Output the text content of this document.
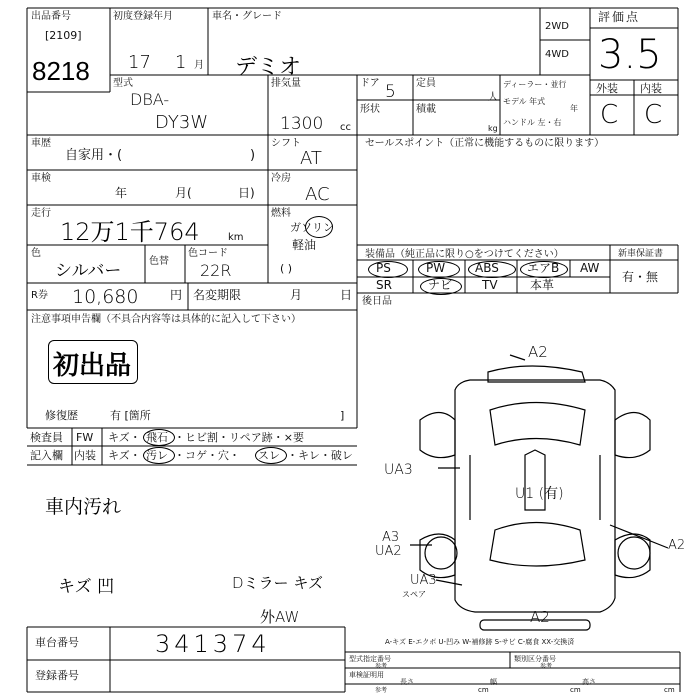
出品番号
[2109]
8218
初度登録年月
17 1 月
車名・グレード
デミオ
2WD
4WD
評価点
3.5
外装 内装
C C
型式
DBA-
DY3W
排気量
1300 cc
ドア 5 定員
人
形状	積載
kg
ディーラー・並行
モデル 年式
年
ハンドル 左・右
車歴
自家用・(	)
車検
年	月(	日)
シフト
AT
冷房
AC
走行
12万1千764	km
燃料
ガソリン
軽油
( )
色
シルバー	色替
色コード
22R
R券 10,680	円 名変期限	月	日
注意事項申告欄（不具合内容等は具体的に記入して下さい）
初出品
修復歴	有 [箇所	]
セールスポイント（正常に機能するものに限ります）
装備品（純正品に限り○をつけてください）	新車保証書
有・無
PS	PW ABS エアB AW
SR	ナビ TV	本革
後日品
検査員
記入欄
FW キズ・ 飛石 ・ヒビ割・リペア跡・×要
内装 キズ・ 汚レ ・コゲ・穴・ スレ ・キレ・破レ
車内汚れ
キズ 凹	Dミラー キズ
外AW
A2
A2
UA3
A3
UA2
UA3
スペア
A2
U1 (有)
車台番号	341374
登録番号
A-キズ E-エクボ U-凹み W-補修跡 S-サビ C-腐食 XX-交換済
型式指定番号
参考
類別区分番号
参考
車検証明用
参考
長さ
cm
幅
cm
高さ
cm
